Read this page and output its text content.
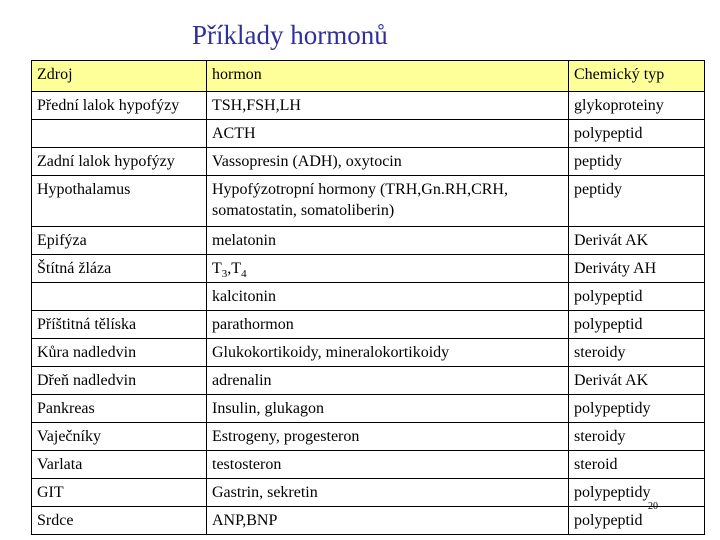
Příklady hormonů
Zdroj	hormon	Chemický typ
Přední lalok hypofýzy	TSH,FSH,LH	glykoproteiny
	ACTH	polypeptid
Zadní lalok hypofýzy	Vassopresin (ADH), oxytocin	peptidy
Hypothalamus	Hypofýzotropní hormony (TRH,Gn.RH,CRH, somatostatin, somatoliberin)	peptidy
Epifýza	melatonin	Derivát AK
Štítná žláza	$T_3,T_4$	Deriváty AH
	kalcitonin	polypeptid
Příštitná tělíska	parathormon	polypeptid
Kůra nadledvin	Glukokortikoidy, mineralokortikoidy	steroidy
Dřeň nadledvin	adrenalin	Derivát AK
Pankreas	Insulin, glukagon	polypeptidy
Vaječníky	Estrogeny, progesteron	steroidy
Varlata	testosteron	steroid
GIT	Gastrin, sekretin	polypeptidy
Srdce	ANP,BNP	polypeptid
20
